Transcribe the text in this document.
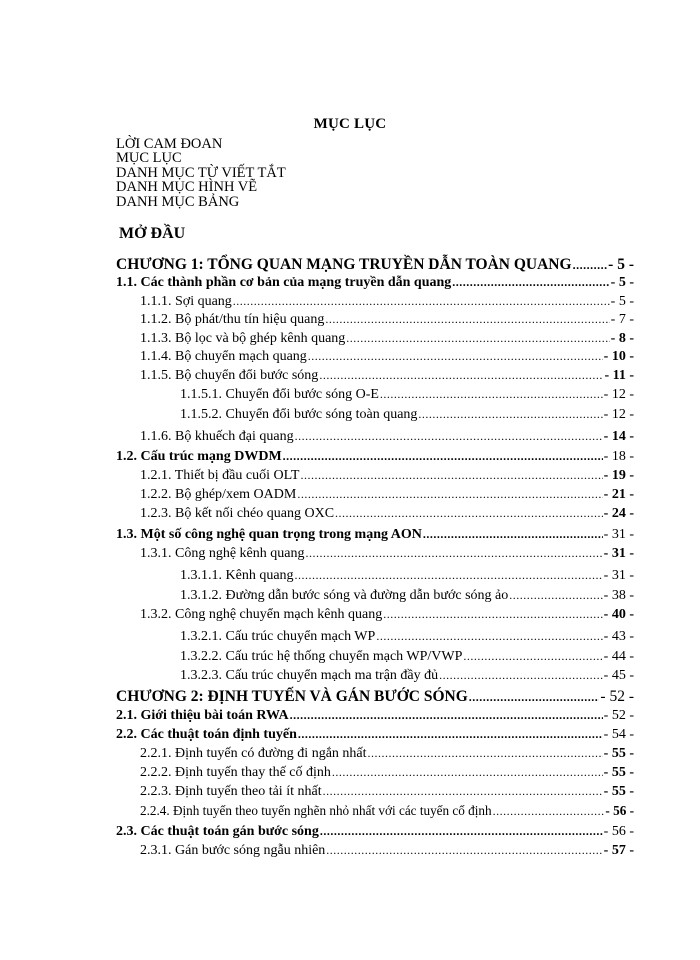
MỤC LỤC
LỜI CAM ĐOAN
MỤC LỤC
DANH MỤC TỪ VIẾT TẮT
DANH MỤC HÌNH VẼ
DANH MỤC BẢNG
MỞ ĐẦU
CHƯƠNG 1: TỔNG QUAN MẠNG TRUYỀN DẪN TOÀN QUANG ..... - 5 -
1.1. Các thành phần cơ bản của mạng truyền dẫn quang .....	- 5 -
1.1.1. Sợi quang .....	- 5 -
1.1.2. Bộ phát/thu tín hiệu quang .....	- 7 -
1.1.3. Bộ lọc và bộ ghép kênh quang .....	- 8 -
1.1.4. Bộ chuyển mạch quang .....	- 10 -
1.1.5. Bộ chuyển đổi bước sóng .....	- 11 -
1.1.5.1. Chuyển đổi bước sóng O-E .....	- 12 -
1.1.5.2. Chuyển đổi bước sóng toàn quang .....	- 12 -
1.1.6. Bộ khuếch đại quang .....	- 14 -
1.2. Cấu trúc mạng DWDM .....	- 18 -
1.2.1. Thiết bị đầu cuối OLT .....	- 19 -
1.2.2. Bộ ghép/xem OADM .....	- 21 -
1.2.3. Bộ kết nối chéo quang OXC .....	- 24 -
1.3. Một số công nghệ quan trọng trong mạng AON .....	- 31 -
1.3.1. Công nghệ kênh quang .....	- 31 -
1.3.1.1. Kênh quang .....	- 31 -
1.3.1.2. Đường dẫn bước sóng và đường dẫn bước sóng ảo .....	- 38 -
1.3.2. Công nghệ chuyển mạch kênh quang .....	- 40 -
1.3.2.1. Cấu trúc chuyển mạch WP .....	- 43 -
1.3.2.2. Cấu trúc hệ thống chuyển mạch WP/VWP .....	- 44 -
1.3.2.3. Cấu trúc chuyển mạch ma trận đầy đủ .....	- 45 -
CHƯƠNG 2: ĐỊNH TUYẾN VÀ GÁN BƯỚC SÓNG .....	- 52 -
2.1. Giới thiệu bài toán RWA .....	- 52 -
2.2. Các thuật toán định tuyến .....	- 54 -
2.2.1. Định tuyến có đường đi ngắn nhất .....	- 55 -
2.2.2. Định tuyến thay thế cố định .....	- 55 -
2.2.3. Định tuyến theo tải ít nhất .....	- 55 -
2.2.4. Định tuyến theo tuyến nghẽn nhỏ nhất với các tuyến cố định .....	- 56 -
2.3. Các thuật toán gán bước sóng .....	- 56 -
2.3.1. Gán bước sóng ngẫu nhiên .....	- 57 -
